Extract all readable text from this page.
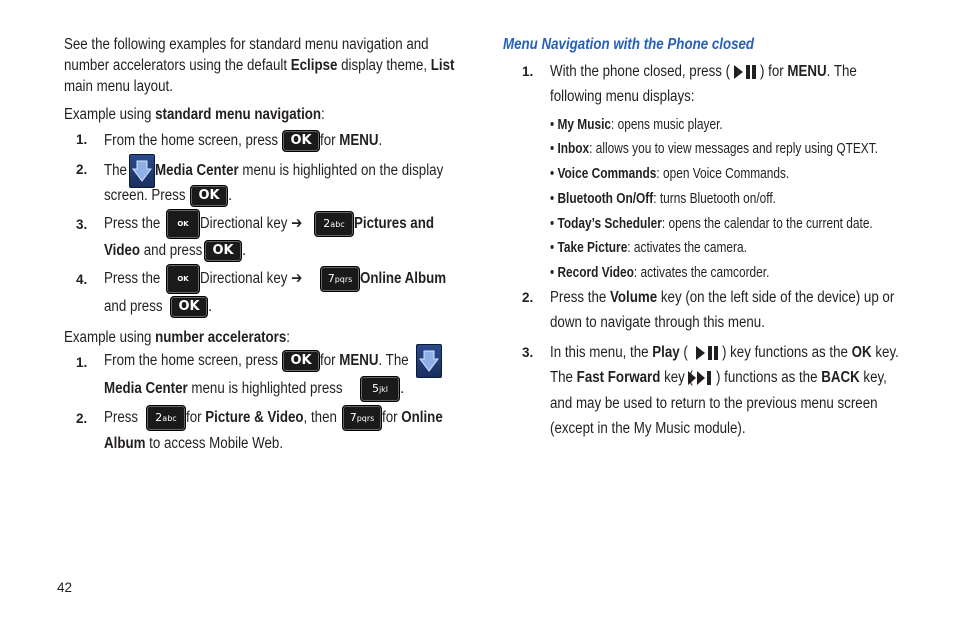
See the following examples for standard menu navigation and
number accelerators using the default Eclipse display theme, List
main menu layout.
Example using standard menu navigation:
1. From the home screen, pressOKfor MENU.
2. TheMedia Center menu is highlighted on the display
screen. PressOK .
3. Press theOKDirectional key ➔2abcPictures and
Video and pressOK .
4. Press theOKDirectional key ➔7pqrsOnline Album
and pressOK .
Example using number accelerators:
1. From the home screen, pressOKfor MENU. The
Media Center menu is highlighted press	5jkl .
2. Press2abcfor Picture & Video, then7pqrsfor Online
Album to access Mobile Web.
Menu Navigation with the Phone closed
1. With the phone closed, press ( ) for MENU. The
following menu displays:
• My Music: opens music player.
• Inbox: allows you to view messages and reply using QTEXT.
• Voice Commands: open Voice Commands.
• Bluetooth On/Off: turns Bluetooth on/off.
• Today’s Scheduler: opens the calendar to the current date.
• Take Picture: activates the camera.
• Record Video: activates the camcorder.
2. Press the Volume key (on the left side of the device) up or
down to navigate through this menu.
3. In this menu, the Play ( ) key functions as the OK key.
The Fast Forward key ( ) functions as the BACK key,
and may be used to return to the previous menu screen
(except in the My Music module).
42
